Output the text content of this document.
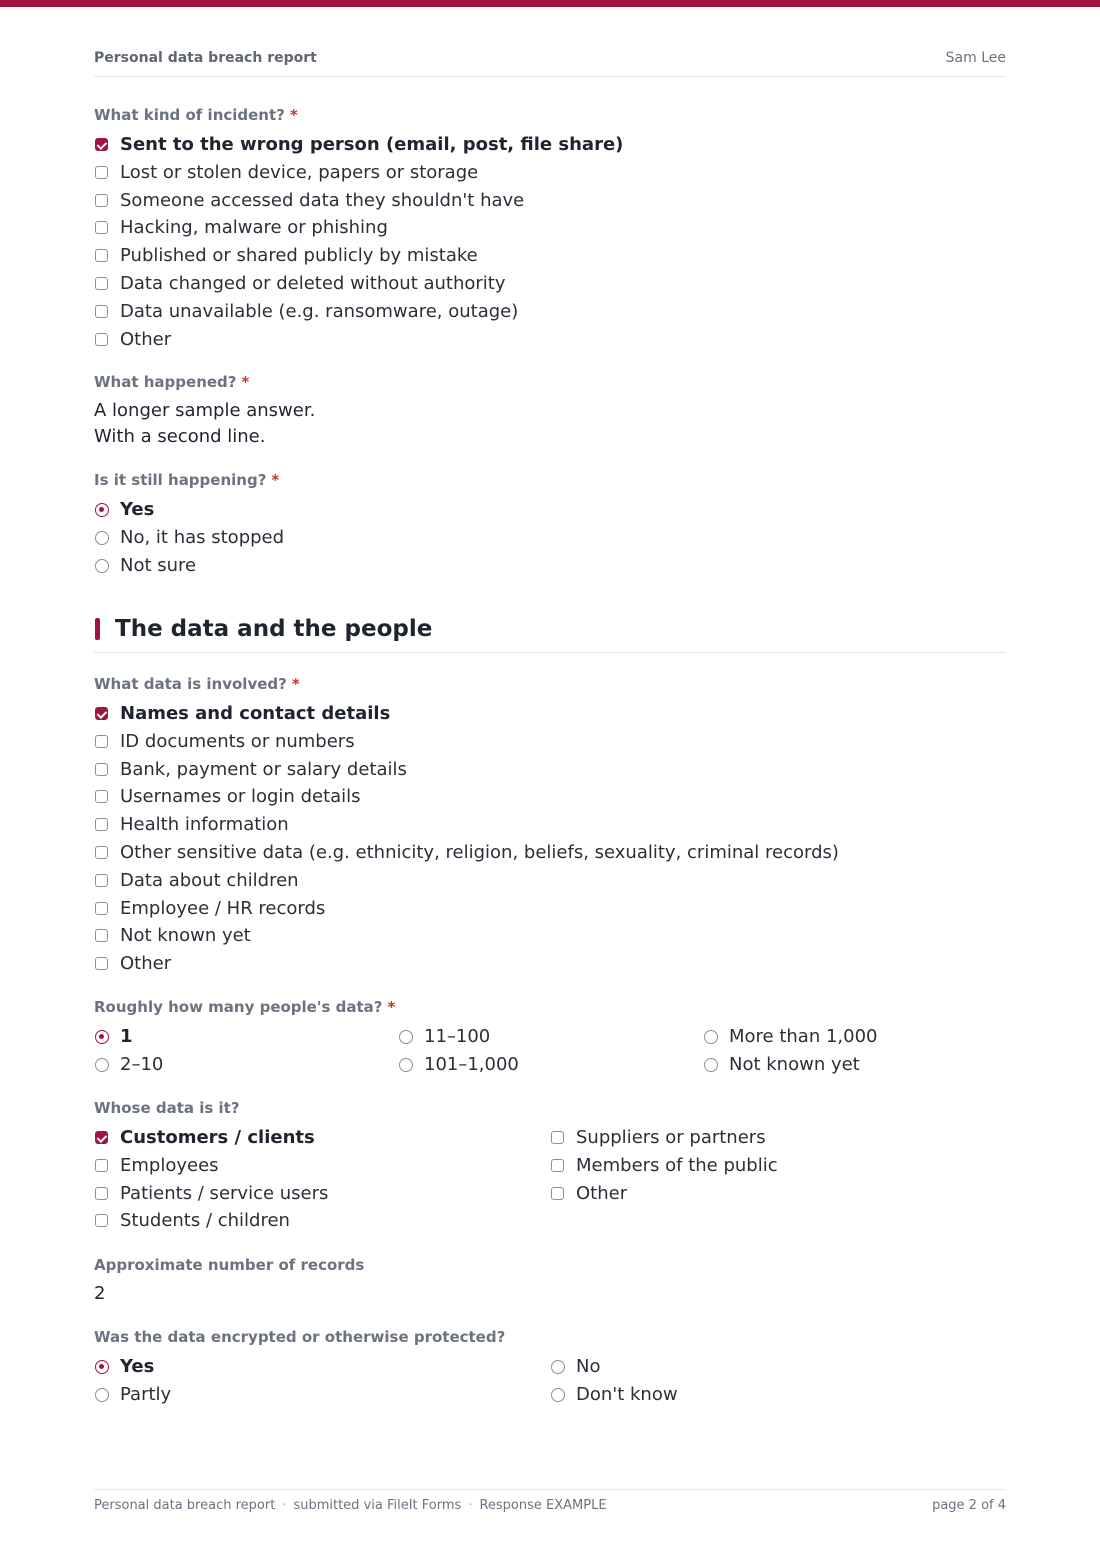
Personal data breach report	Sam Lee
What kind of incident? *
Sent to the wrong person (email, post, file share)
Lost or stolen device, papers or storage
Someone accessed data they shouldn't have
Hacking, malware or phishing
Published or shared publicly by mistake
Data changed or deleted without authority
Data unavailable (e.g. ransomware, outage)
Other
What happened? *
A longer sample answer.
With a second line.
Is it still happening? *
Yes
No, it has stopped
Not sure
The data and the people
What data is involved? *
Names and contact details
ID documents or numbers
Bank, payment or salary details
Usernames or login details
Health information
Other sensitive data (e.g. ethnicity, religion, beliefs, sexuality, criminal records)
Data about children
Employee / HR records
Not known yet
Other
Roughly how many people's data? *
1	11–100	More than 1,000
2–10	101–1,000	Not known yet
Whose data is it?
Customers / clients	Suppliers or partners
Employees	Members of the public
Patients / service users	Other
Students / children
Approximate number of records
2
Was the data encrypted or otherwise protected?
Yes	No
Partly	Don't know
Personal data breach report · submitted via FileIt Forms · Response EXAMPLE	page 2 of 4
